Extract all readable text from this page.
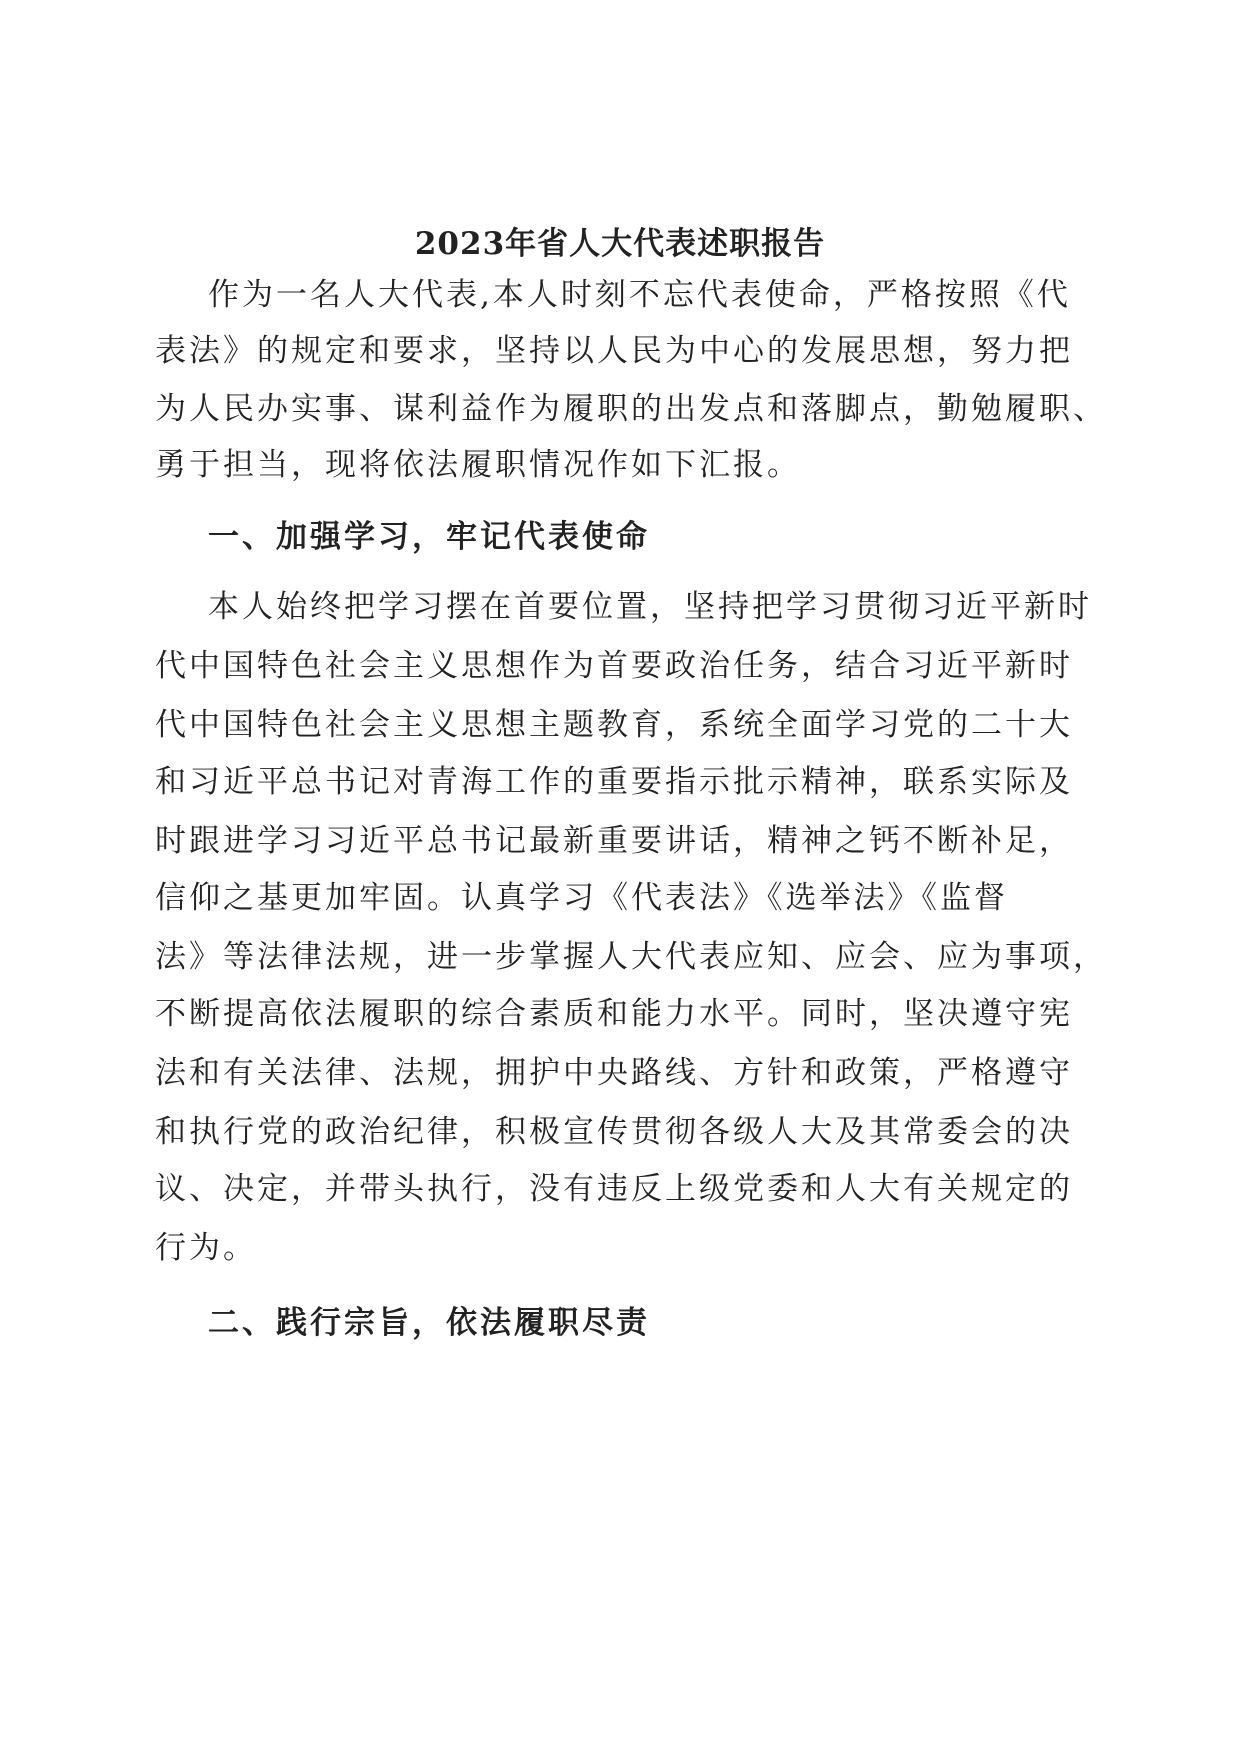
2023年省人大代表述职报告

作为一名人大代表,本人时刻不忘代表使命，严格按照《代

表法》的规定和要求，坚持以人民为中心的发展思想，努力把

为人民办实事、谋利益作为履职的出发点和落脚点，勤勉履职、

勇于担当，现将依法履职情况作如下汇报。

一、加强学习，牢记代表使命

本人始终把学习摆在首要位置，坚持把学习贯彻习近平新时

代中国特色社会主义思想作为首要政治任务，结合习近平新时

代中国特色社会主义思想主题教育，系统全面学习党的二十大

和习近平总书记对青海工作的重要指示批示精神，联系实际及

时跟进学习习近平总书记最新重要讲话，精神之钙不断补足，

信仰之基更加牢固。认真学习《代表法》《选举法》《监督

法》等法律法规，进一步掌握人大代表应知、应会、应为事项，

不断提高依法履职的综合素质和能力水平。同时，坚决遵守宪

法和有关法律、法规，拥护中央路线、方针和政策，严格遵守

和执行党的政治纪律，积极宣传贯彻各级人大及其常委会的决

议、决定，并带头执行，没有违反上级党委和人大有关规定的

行为。

二、践行宗旨，依法履职尽责
